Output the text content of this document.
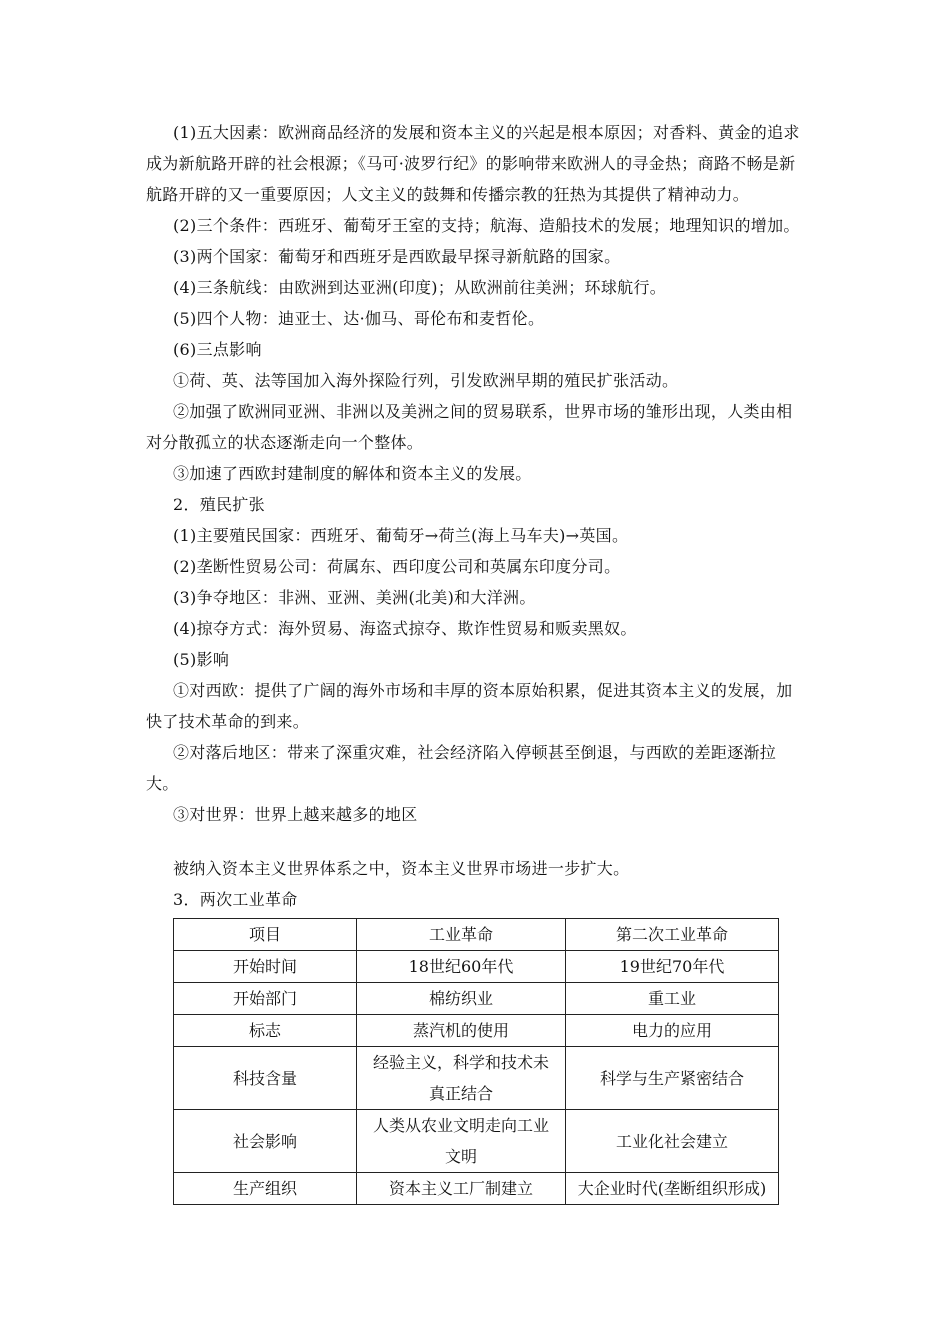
(1)五大因素：欧洲商品经济的发展和资本主义的兴起是根本原因；对香料、黄金的追求成为新航路开辟的社会根源；《马可·波罗行纪》的影响带来欧洲人的寻金热；商路不畅是新航路开辟的又一重要原因；人文主义的鼓舞和传播宗教的狂热为其提供了精神动力。
(2)三个条件：西班牙、葡萄牙王室的支持；航海、造船技术的发展；地理知识的增加。
(3)两个国家：葡萄牙和西班牙是西欧最早探寻新航路的国家。
(4)三条航线：由欧洲到达亚洲(印度)；从欧洲前往美洲；环球航行。
(5)四个人物：迪亚士、达·伽马、哥伦布和麦哲伦。
(6)三点影响
①荷、英、法等国加入海外探险行列，引发欧洲早期的殖民扩张活动。
②加强了欧洲同亚洲、非洲以及美洲之间的贸易联系，世界市场的雏形出现，人类由相对分散孤立的状态逐渐走向一个整体。
③加速了西欧封建制度的解体和资本主义的发展。
2．殖民扩张
(1)主要殖民国家：西班牙、葡萄牙→荷兰(海上马车夫)→英国。
(2)垄断性贸易公司：荷属东、西印度公司和英属东印度分司。
(3)争夺地区：非洲、亚洲、美洲(北美)和大洋洲。
(4)掠夺方式：海外贸易、海盗式掠夺、欺诈性贸易和贩卖黑奴。
(5)影响
①对西欧：提供了广阔的海外市场和丰厚的资本原始积累，促进其资本主义的发展，加快了技术革命的到来。
②对落后地区：带来了深重灾难，社会经济陷入停顿甚至倒退，与西欧的差距逐渐拉大。
③对世界：世界上越来越多的地区
被纳入资本主义世界体系之中，资本主义世界市场进一步扩大。
3．两次工业革命
项目	工业革命	第二次工业革命
开始时间	18世纪60年代	19世纪70年代
开始部门	棉纺织业	重工业
标志	蒸汽机的使用	电力的应用
科技含量	经验主义，科学和技术未真正结合	科学与生产紧密结合
社会影响	人类从农业文明走向工业文明	工业化社会建立
生产组织	资本主义工厂制建立	大企业时代(垄断组织形成)
